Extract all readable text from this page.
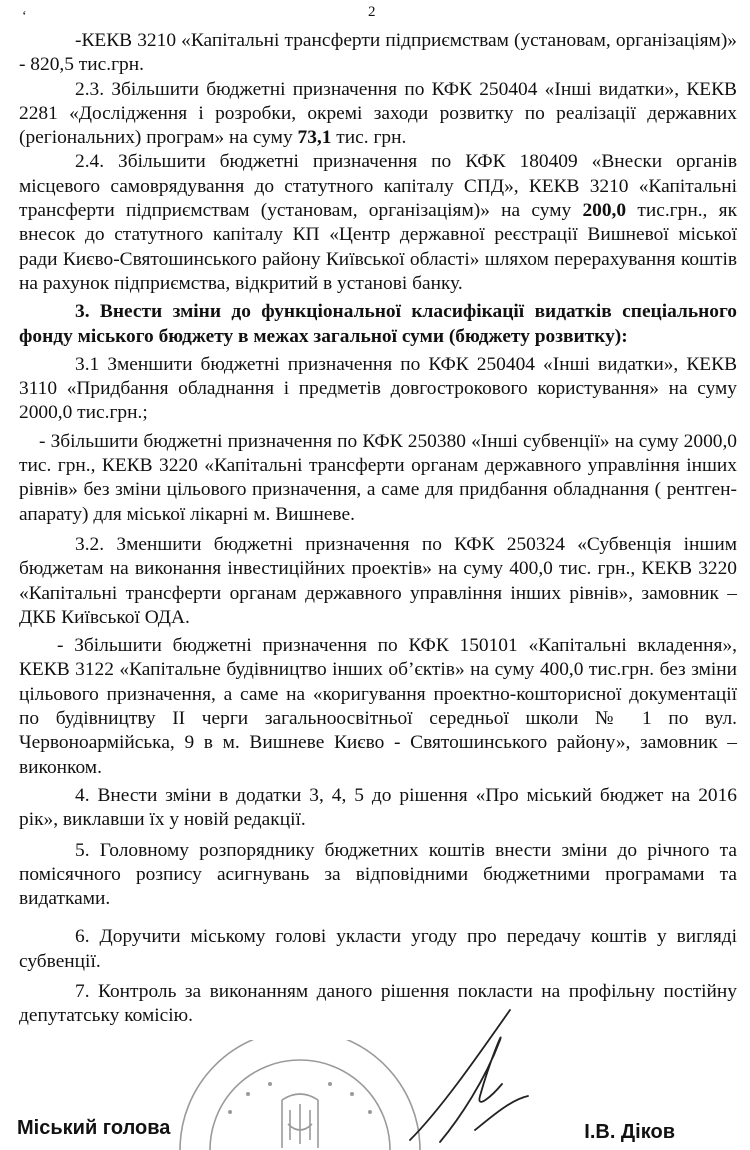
ʻ	2

-КЕКВ 3210 «Капітальні трансферти підприємствам (установам, організаціям)» - 820,5 тис.грн.

2.3. Збільшити бюджетні призначення по КФК 250404 «Інші видатки», КЕКВ 2281 «Дослідження і розробки, окремі заходи розвитку по реалізації державних (регіональних) програм» на суму 73,1 тис. грн.

2.4. Збільшити бюджетні призначення по КФК 180409 «Внески органів місцевого самоврядування до статутного капіталу СПД», КЕКВ 3210 «Капітальні трансферти підприємствам (установам, організаціям)» на суму 200,0 тис.грн., як внесок до статутного капіталу КП «Центр державної реєстрації Вишневої міської ради Києво-Святошинського району Київської області» шляхом перерахування коштів на рахунок підприємства, відкритий в установі банку.

3. Внести зміни до функціональної класифікації видатків спеціального фонду міського бюджету в межах загальної суми (бюджету розвитку):

3.1 Зменшити бюджетні призначення по КФК 250404 «Інші видатки», КЕКВ 3110 «Придбання обладнання і предметів довгострокового користування» на суму 2000,0 тис.грн.;

- Збільшити бюджетні призначення по КФК 250380 «Інші субвенції» на суму 2000,0 тис. грн., КЕКВ 3220 «Капітальні трансферти органам державного управління інших рівнів» без зміни цільового призначення, а саме для придбання обладнання ( рентген-апарату) для міської лікарні м. Вишневе.

3.2. Зменшити бюджетні призначення по КФК 250324 «Субвенція іншим бюджетам на виконання інвестиційних проектів» на суму 400,0 тис. грн., КЕКВ 3220 «Капітальні трансферти органам державного управління інших рівнів», замовник – ДКБ Київської ОДА.

- Збільшити бюджетні призначення по КФК 150101 «Капітальні вкладення», КЕКВ 3122 «Капітальне будівництво інших об’єктів» на суму 400,0 тис.грн. без зміни цільового призначення, а саме на «коригування проектно-кошторисної документації по будівництву ІІ черги загальноосвітньої середньої школи № 1 по вул. Червоноармійська, 9 в м. Вишневе Києво - Святошинського району», замовник – виконком.

4. Внести зміни в додатки 3, 4, 5 до рішення «Про міський бюджет на 2016 рік», виклавши їх у новій редакції.

5. Головному розпоряднику бюджетних коштів внести зміни до річного та помісячного розпису асигнувань за відповідними бюджетними програмами та видатками.

6. Доручити міському голові укласти угоду про передачу коштів у вигляді субвенції.

7. Контроль за виконанням даного рішення покласти на профільну постійну депутатську комісію.

Міський голова	І.В. Діков
